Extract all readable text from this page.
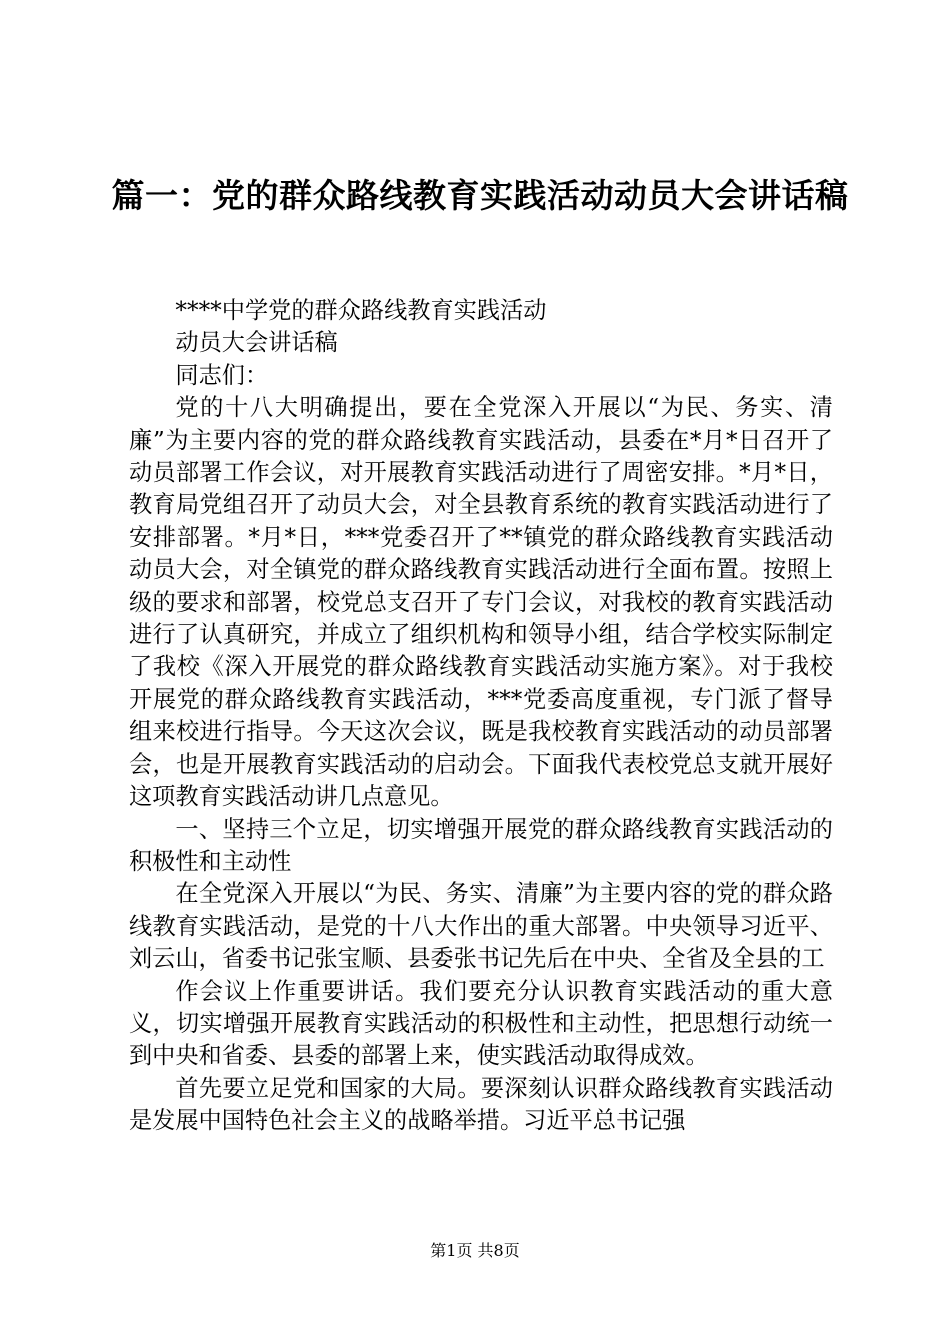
篇一：党的群众路线教育实践活动动员大会讲话稿

****中学党的群众路线教育实践活动

动员大会讲话稿

同志们：

党的十八大明确提出，要在全党深入开展以“为民、务实、清廉”为主要内容的党的群众路线教育实践活动，县委在*月*日召开了动员部署工作会议，对开展教育实践活动进行了周密安排。*月*日，教育局党组召开了动员大会，对全县教育系统的教育实践活动进行了安排部署。*月*日，***党委召开了**镇党的群众路线教育实践活动动员大会，对全镇党的群众路线教育实践活动进行全面布置。按照上级的要求和部署，校党总支召开了专门会议，对我校的教育实践活动进行了认真研究，并成立了组织机构和领导小组，结合学校实际制定了我校《深入开展党的群众路线教育实践活动实施方案》。对于我校开展党的群众路线教育实践活动，***党委高度重视，专门派了督导组来校进行指导。今天这次会议，既是我校教育实践活动的动员部署会，也是开展教育实践活动的启动会。下面我代表校党总支就开展好这项教育实践活动讲几点意见。

一、坚持三个立足，切实增强开展党的群众路线教育实践活动的积极性和主动性

在全党深入开展以“为民、务实、清廉”为主要内容的党的群众路线教育实践活动，是党的十八大作出的重大部署。中央领导习近平、刘云山，省委书记张宝顺、县委张书记先后在中央、全省及全县的工

作会议上作重要讲话。我们要充分认识教育实践活动的重大意义，切实增强开展教育实践活动的积极性和主动性，把思想行动统一到中央和省委、县委的部署上来，使实践活动取得成效。

首先要立足党和国家的大局。要深刻认识群众路线教育实践活动是发展中国特色社会主义的战略举措。习近平总书记强

第1页 共8页
